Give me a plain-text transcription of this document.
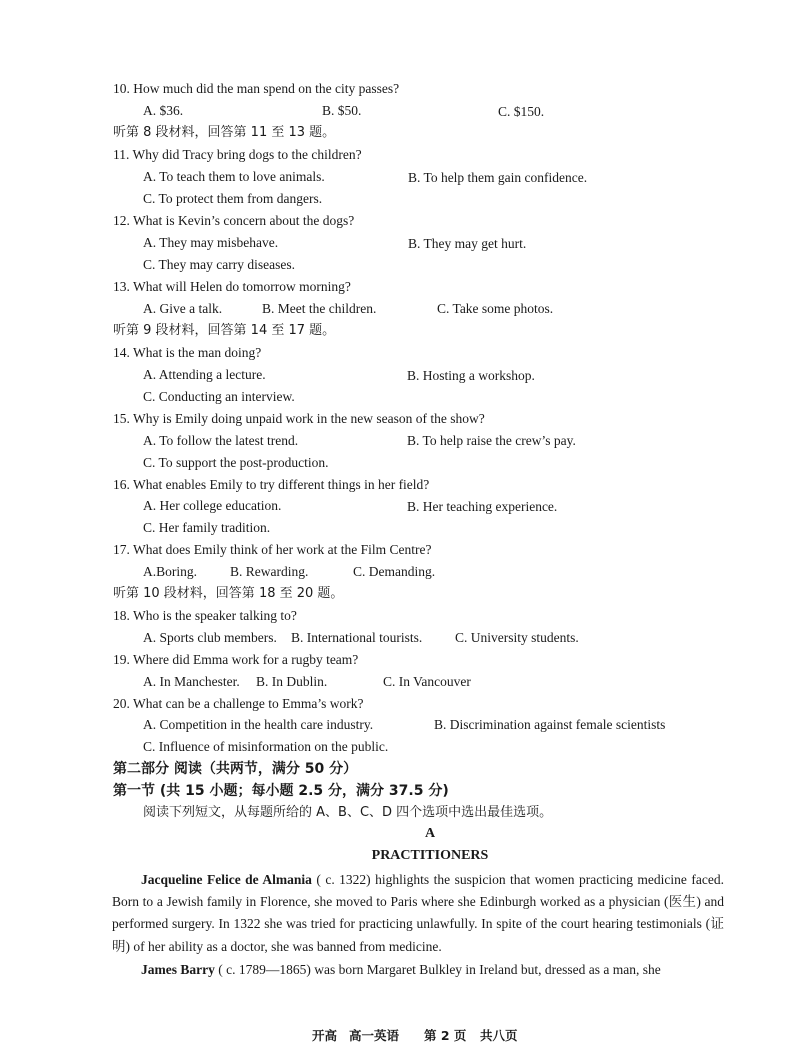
10. How much did the man spend on the city passes?
A. $36.	B. $50.	C. $150.
听第 8 段材料，回答第 11 至 13 题。
11. Why did Tracy bring dogs to the children?
A. To teach them to love animals.	B. To help them gain confidence.
C. To protect them from dangers.
12. What is Kevin’s concern about the dogs?
A. They may misbehave.	B. They may get hurt.
C. They may carry diseases.
13. What will Helen do tomorrow morning?
A. Give a talk.	B. Meet the children.	C. Take some photos.
听第 9 段材料，回答第 14 至 17 题。
14. What is the man doing?
A. Attending a lecture.	B. Hosting a workshop.
C. Conducting an interview.
15. Why is Emily doing unpaid work in the new season of the show?
A. To follow the latest trend.	B. To help raise the crew’s pay.
C. To support the post-production.
16. What enables Emily to try different things in her field?
A. Her college education.	B. Her teaching experience.
C. Her family tradition.
17. What does Emily think of her work at the Film Centre?
A.Boring. B. Rewarding.	C. Demanding.
听第 10 段材料，回答第 18 至 20 题。
18. Who is the speaker talking to?
A. Sports club members. B. International tourists. C. University students.
19. Where did Emma work for a rugby team?
A. In Manchester. B. In Dublin.	C. In Vancouver
20. What can be a challenge to Emma’s work?
A. Competition in the health care industry.	B. Discrimination against female scientists
C. Influence of misinformation on the public.
第二部分 阅读（共两节，满分 50 分）
第一节 (共 15 小题；每小题 2.5 分，满分 37.5 分)
阅读下列短文，从每题所给的 A、B、C、D 四个选项中选出最佳选项。
A
PRACTITIONERS
Jacqueline Felice de Almania ( c. 1322) highlights the suspicion that women practicing medicine faced. Born to a Jewish family in Florence, she moved to Paris where she Edinburgh worked as a physician (医生) and performed surgery. In 1322 she was tried for practicing unlawfully. In spite of the court hearing testimonials (证明) of her ability as a doctor, she was banned from medicine.
James Barry ( c. 1789—1865) was born Margaret Bulkley in Ireland but, dressed as a man, she
开高 高一英语 第 2 页 共八页
